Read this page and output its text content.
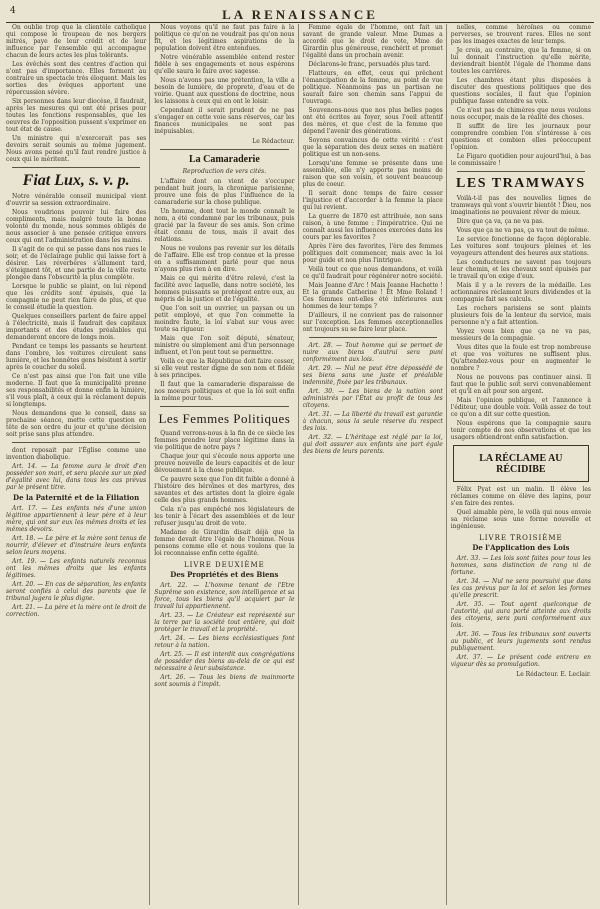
4	LA RENAISSANCE

On oublie trop que la clientèle catholique qui compose le troupeau de nos bergers mitrés, paye de leur crédit et de leur influence par l'ensemble qui accompagne chacun de leurs actes les plus tolérants.

Les évêchés sont des centres d'action qui n'ont pas d'importance. Elles forment au contraire un spectacle très éloquent. Mais les sorties des évêques apportent une répercussion sévère.

Six personnes dans leur diocèse, il faudrait, après les mesures qui ont été prises pour toutes les fonctions responsables, que les oeuvres de l'opposition pussent s'exprimer en tout état de cause.

Un ministre qui n'exercerait pas ses devoirs serait soumis au même jugement. Nous avons pensé qu'il faut rendre justice à ceux qui le méritent.

Fiat Lux, s. v. p.

Notre vénérable conseil municipal vient d'ouvrir sa session extraordinaire.

Nous voudrions pouvoir lui faire des compliments, mais malgré toute la bonne volonté du monde, nous sommes obligés de nous associer à une pensée critique envers ceux qui ont l'administration dans les mains.

Il s'agit de ce qui se passe dans nos rues le soir, et de l'éclairage public qui laisse fort à désirer. Les réverbères s'allument tard, s'éteignent tôt, et une partie de la ville reste plongée dans l'obscurité la plus complète.

Lorsque le public se plaint, on lui répond que les crédits sont épuisés, que la compagnie ne peut rien faire de plus, et que le conseil étudie la question.

Quelques conseillers parlent de faire appel à l'électricité, mais il faudrait des capitaux importants et des études préalables qui demanderont encore de longs mois.

Pendant ce temps les passants se heurtent dans l'ombre, les voitures circulent sans lumière, et les honnêtes gens hésitent à sortir après le coucher du soleil.

Ce n'est pas ainsi que l'on fait une ville moderne. Il faut que la municipalité prenne ses responsabilités et donne enfin la lumière, s'il vous plaît, à ceux qui la réclament depuis si longtemps.

Nous demandons que le conseil, dans sa prochaine séance, mette cette question en tête de son ordre du jour et qu'une décision soit prise sans plus attendre.

dont reposait par l'Église comme une invention diabolique.

Art. 14. — La femme aura le droit d'en posséder son mari, et sera placée sur un pied d'égalité avec lui, dans tous les cas prévus par le présent titre.

De la Paternité et de la Filiation

Art. 17. — Les enfants nés d'une union légitime appartiennent à leur père et à leur mère, qui ont sur eux les mêmes droits et les mêmes devoirs.

Art. 18. — Le père et la mère sont tenus de nourrir, d'élever et d'instruire leurs enfants selon leurs moyens.

Art. 19. — Les enfants naturels reconnus ont les mêmes droits que les enfants légitimes.

Art. 20. — En cas de séparation, les enfants seront confiés à celui des parents que le tribunal jugera le plus digne.

Art. 21. — La père et la mère ont le droit de correction.

Nous voyons qu'il ne faut pas faire à la politique ce qu'on ne voudrait pas qu'on nous fît, et les légitimes aspirations de la population doivent être entendues.

Notre vénérable assemblée entend rester fidèle à ses engagements et nous espérons qu'elle saura le faire avec sagesse.

Nous n'avons pas une prétention, la ville a besoin de lumière, de propreté, d'eau et de voirie. Quant aux questions de doctrine, nous les laissons à ceux qui en ont le loisir.

Cependant il serait prudent de ne pas s'engager en cette voie sans réserves, car les finances municipales ne sont pas inépuisables.

Le Rédacteur.

La Camaraderie

Reproduction de vers cités.

L'affaire dont on vient de s'occuper pendant huit jours, la chronique parisienne, prouve une fois de plus l'influence de la camaraderie sur la chose publique.

Un homme, dont tout le monde connaît le nom, a été condamné par les tribunaux, puis gracié par la faveur de ses amis. Son crime était connu de tous, mais il avait des relations.

Nous ne voulons pas revenir sur les détails de l'affaire. Elle est trop connue et la presse en a suffisamment parlé pour que nous n'ayons plus rien à en dire.

Mais ce qui mérite d'être relevé, c'est la facilité avec laquelle, dans notre société, les hommes puissants se protègent entre eux, au mépris de la justice et de l'égalité.

Que l'on soit un ouvrier, un paysan ou un petit employé, et que l'on commette la moindre faute, la loi s'abat sur vous avec toute sa rigueur.

Mais que l'on soit député, sénateur, ministre ou simplement ami d'un personnage influent, et l'on peut tout se permettre.

Voilà ce que la République doit faire cesser, si elle veut rester digne de son nom et fidèle à ses principes.

Il faut que la camaraderie disparaisse de nos moeurs politiques et que la loi soit enfin la même pour tous.

Les Femmes Politiques

Quand verrons-nous à la fin de ce siècle les femmes prendre leur place légitime dans la vie politique de notre pays ?

Chaque jour qui s'écoule nous apporte une preuve nouvelle de leurs capacités et de leur dévouement à la chose publique.

Ce pauvre sexe que l'on dit faible a donné à l'histoire des héroïnes et des martyres, des savantes et des artistes dont la gloire égale celle des plus grands hommes.

Cela n'a pas empêché nos législateurs de les tenir à l'écart des assemblées et de leur refuser jusqu'au droit de vote.

Madame de Girardin disait déjà que la femme devait être l'égale de l'homme. Nous pensons comme elle et nous voulons que la loi reconnaisse enfin cette égalité.

LIVRE DEUXIÈME
Des Propriétés et des Biens

Art. 22. — L'homme tenant de l'Etre Suprême son existence, son intelligence et sa force, tous les biens qu'il acquiert par le travail lui appartiennent.

Art. 23. — Le Créateur est représenté sur la terre par la société tout entière, qui doit protéger le travail et la propriété.

Art. 24. — Les biens ecclésiastiques font retour à la nation.

Art. 25. — Il est interdit aux congrégations de posséder des biens au-delà de ce qui est nécessaire à leur subsistance.

Art. 26. — Tous les biens de mainmorte sont soumis à l'impôt.

Femme égale de l'homme, ont fait un savant de grande valeur. Mme Dumas a accordé que le droit de vote, Mme de Girardin plus généreuse, renchérit et promet l'égalité dans un prochain avenir.

Déclarons-le franc, persuadés plus tard.

Flatteurs, en effet, ceux qui prêchent l'émancipation de la femme, au point de vue politique. Néanmoins pas un partisan ne saurait faire son chemin sans l'appui de l'ouvrage.

Souvenons-nous que nos plus belles pages ont été écrites au foyer, sous l'oeil attentif des mères, et que c'est de la femme que dépend l'avenir des générations.

Soyons convaincus de cette vérité : c'est que la séparation des deux sexes en matière politique est un non-sens.

Lorsqu'une femme se présente dans une assemblée, elle n'y apporte pas moins de raison que son voisin, et souvent beaucoup plus de coeur.

Il serait donc temps de faire cesser l'injustice et d'accorder à la femme la place qui lui revient.

La guerre de 1870 est attribuée, non sans raison, à une femme : l'impératrice. Qui ne connaît aussi les influences exercées dans les cours par les favorites ?

Après l'ère des favorites, l'ère des femmes politiques doit commencer, mais avec la loi pour guide et non plus l'intrigue.

Voilà tout ce que nous demandons, et voilà ce qu'il faudrait pour régénérer notre société.

Mais Jeanne d'Arc ! Mais Jeanne Hachette ! Et la grande Catherine ! Et Mme Roland ! Ces femmes ont-elles été inférieures aux hommes de leur temps ?

D'ailleurs, il ne convient pas de raisonner sur l'exception. Les femmes exceptionnelles ont toujours su se faire leur place.

Art. 28. — Tout homme qui se permet de nuire aux biens d'autrui sera puni conformément aux lois.

Art. 29. — Nul ne peut être dépossédé de ses biens sans une juste et préalable indemnité, fixée par les tribunaux.

Art. 30. — Les biens de la nation sont administrés par l'État au profit de tous les citoyens.

Art. 31. — La liberté du travail est garantie à chacun, sous la seule réserve du respect des lois.

Art. 32. — L'héritage est réglé par la loi, qui doit assurer aux enfants une part égale des biens de leurs parents.

nelles, comme héroïnes ou comme perverses, se trouvent rares. Elles ne sont pas les images exactes de leur temps.

Je crois, au contraire, que la femme, si on lui donnait l'instruction qu'elle mérite, deviendrait bientôt l'égale de l'homme dans toutes les carrières.

Les chambres étant plus disposées à discuter des questions politiques que des questions sociales, il faut que l'opinion publique fasse entendre sa voix.

Ce n'est pas de chimères que nous voulons nous occuper, mais de la réalité des choses.

Il suffit de lire les journaux pour comprendre combien l'on s'intéresse à ces questions et combien elles préoccupent l'opinion.

Le Figaro quotidien pour aujourd'hui, à bas le commissaire !

LES TRAMWAYS

Voilà-t-il pas des nouvelles lignes de tramways qui vont s'ouvrir bientôt ! Dieu, nos imaginations ne pouvaient rêver de mieux.

Dire que ça va, ça ne va pas.

Vous que ça ne va pas, ça va tout de même.

Le service fonctionne de façon déplorable. Les voitures sont toujours pleines et les voyageurs attendent des heures aux stations.

Les conducteurs ne savent pas toujours leur chemin, et les chevaux sont épuisés par le travail qu'on exige d'eux.

Mais il y a le revers de la médaille. Les actionnaires réclament leurs dividendes et la compagnie fait ses calculs.

Les rochers parisiens se sont plaints plusieurs fois de la lenteur du service, mais personne n'y a fait attention.

Voyez vous bien que ça ne va pas, messieurs de la compagnie.

Vous dites que la foule est trop nombreuse et que vos voitures ne suffisent plus. Qu'attendez-vous pour en augmenter le nombre ?

Nous ne pouvons pas continuer ainsi. Il faut que le public soit servi convenablement et qu'il en ait pour son argent.

Mais l'opinion publique, et l'annonce à l'éditeur, une double voix. Voilà assez de tout ce qu'on a dit sur cette question.

Nous espérons que la compagnie saura tenir compte de nos observations et que les usagers obtiendront enfin satisfaction.

LA RÉCLAME AU RÉCIDIBE

Félix Pyat est un malin. Il élève les réclames comme on élève des lapins, pour s'en faire des rentes.

Quel aimable père, le voilà qui nous envoie sa réclame sous une forme nouvelle et ingénieuse.

LIVRE TROISIÈME
De l'Application des Lois

Art. 33. — Les lois sont faites pour tous les hommes, sans distinction de rang ni de fortune.

Art. 34. — Nul ne sera poursuivi que dans les cas prévus par la loi et selon les formes qu'elle prescrit.

Art. 35. — Tout agent quelconque de l'autorité, qui aura porté atteinte aux droits des citoyens, sera puni conformément aux lois.

Art. 36. — Tous les tribunaux sont ouverts au public, et leurs jugements sont rendus publiquement.

Art. 37. — Le présent code entrera en vigueur dès sa promulgation.

Le Rédacteur. E. Leclair.
